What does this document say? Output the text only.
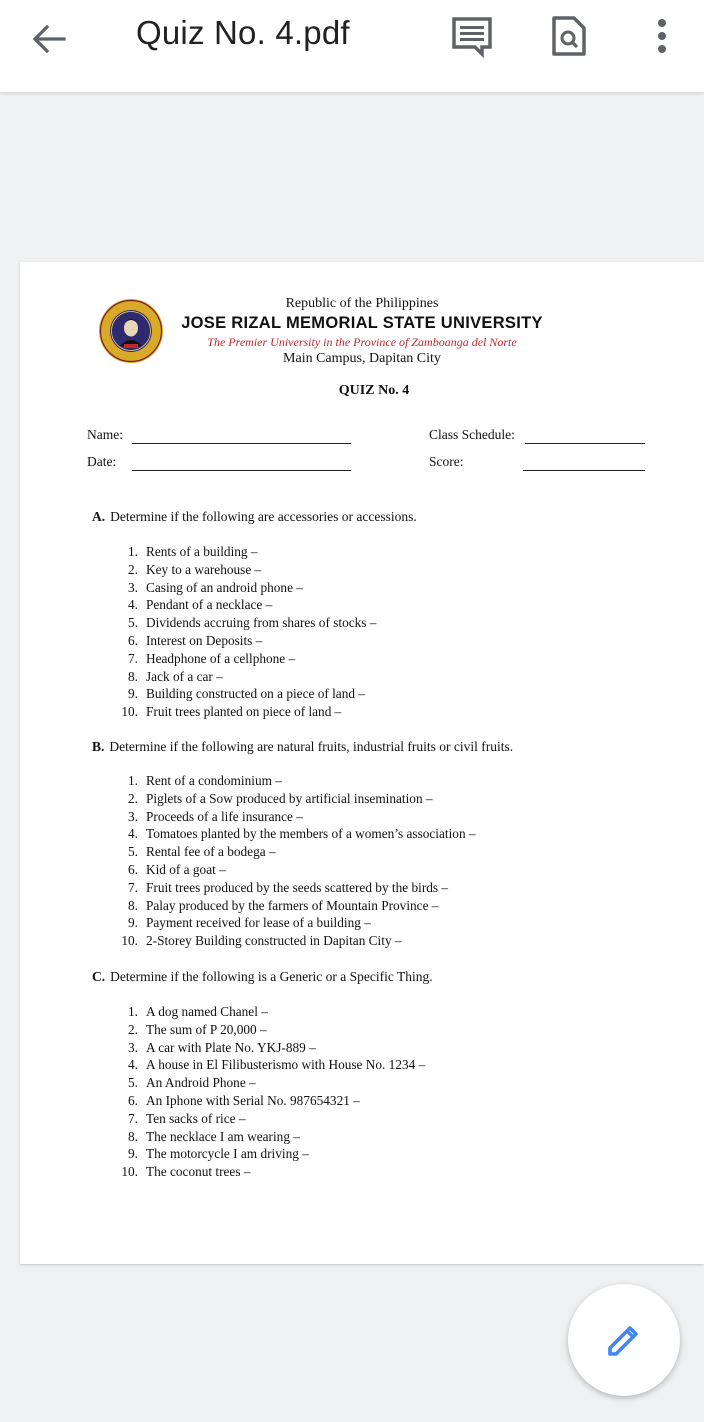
Quiz No. 4.pdf
Republic of the Philippines
JOSE RIZAL MEMORIAL STATE UNIVERSITY
The Premier University in the Province of Zamboanga del Norte
Main Campus, Dapitan City
QUIZ No. 4
Name:	Class Schedule:
Date:	Score:
A. Determine if the following are accessories or accessions.
1. Rents of a building –
2. Key to a warehouse –
3. Casing of an android phone –
4. Pendant of a necklace –
5. Dividends accruing from shares of stocks –
6. Interest on Deposits –
7. Headphone of a cellphone –
8. Jack of a car –
9. Building constructed on a piece of land –
10. Fruit trees planted on piece of land –
B. Determine if the following are natural fruits, industrial fruits or civil fruits.
1. Rent of a condominium –
2. Piglets of a Sow produced by artificial insemination –
3. Proceeds of a life insurance –
4. Tomatoes planted by the members of a women’s association –
5. Rental fee of a bodega –
6. Kid of a goat –
7. Fruit trees produced by the seeds scattered by the birds –
8. Palay produced by the farmers of Mountain Province –
9. Payment received for lease of a building –
10. 2-Storey Building constructed in Dapitan City –
C. Determine if the following is a Generic or a Specific Thing.
1. A dog named Chanel –
2. The sum of P 20,000 –
3. A car with Plate No. YKJ-889 –
4. A house in El Filibusterismo with House No. 1234 –
5. An Android Phone –
6. An Iphone with Serial No. 987654321 –
7. Ten sacks of rice –
8. The necklace I am wearing –
9. The motorcycle I am driving –
10. The coconut trees –
